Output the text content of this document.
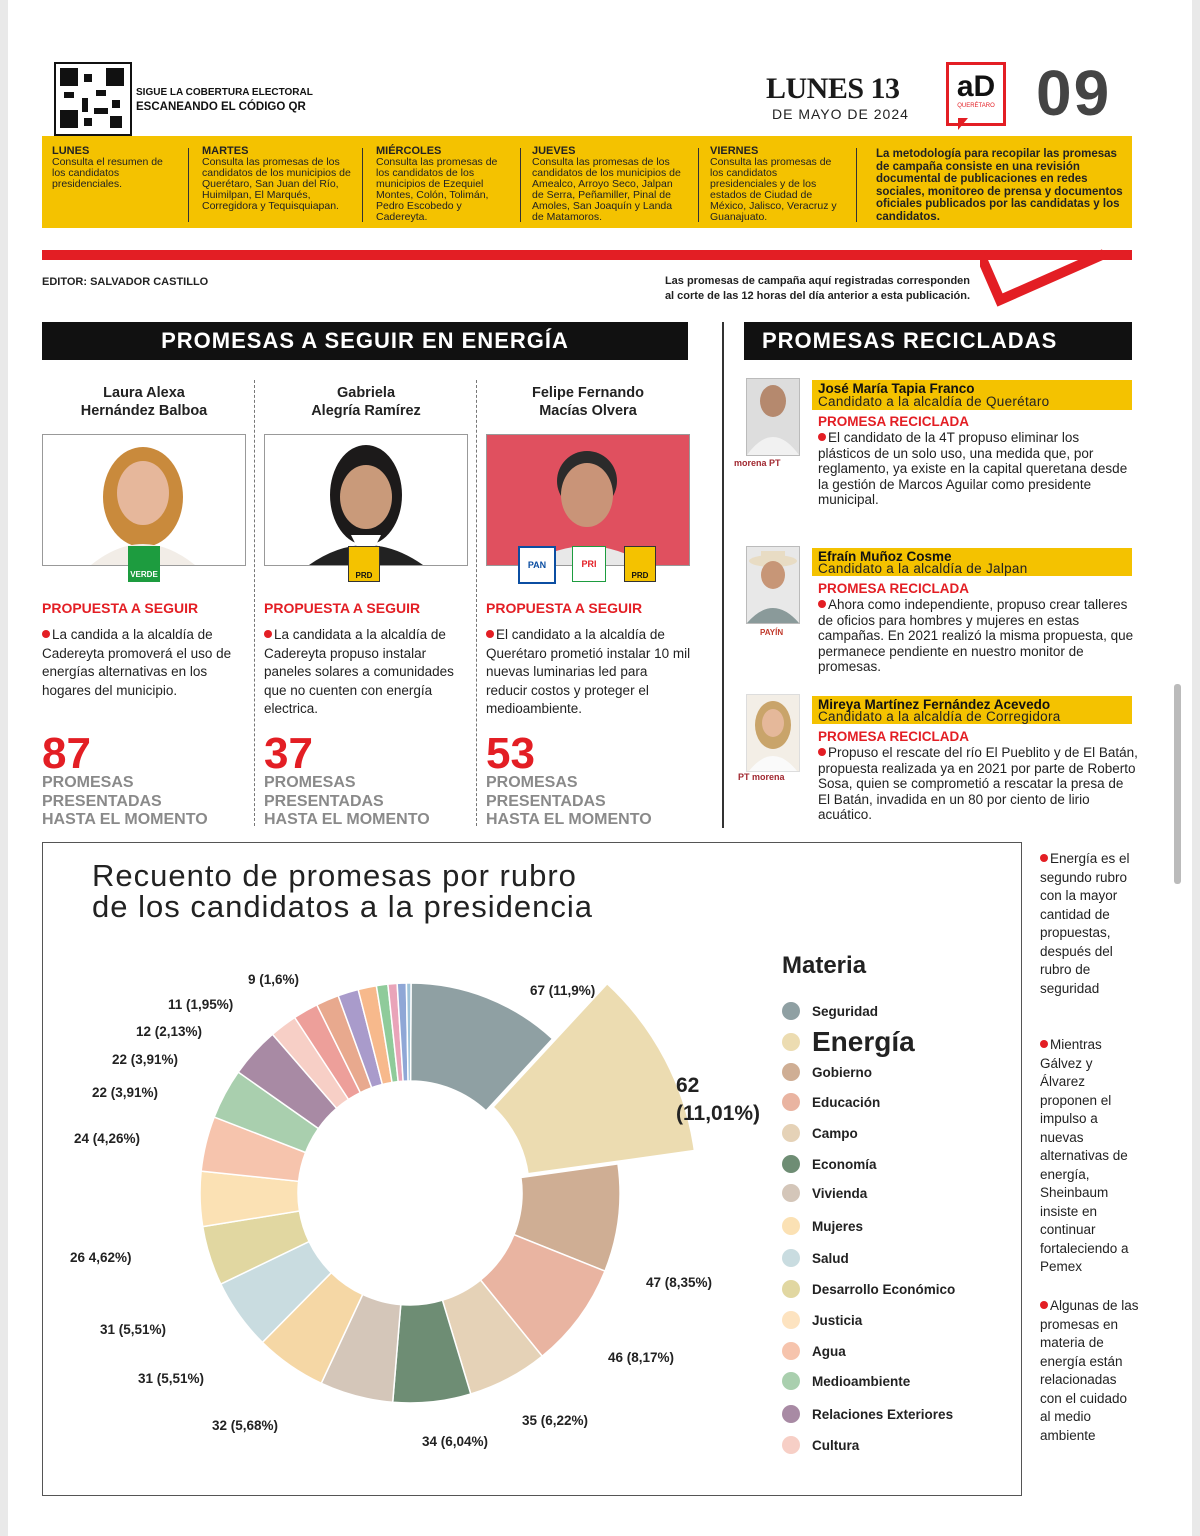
SIGUE LA COBERTURA ELECTORAL
ESCANEANDO EL CÓDIGO QR
LUNES 13
DE MAYO DE 2024
aD
QUERÉTARO 09
LUNES
Consulta el resumen de los candidatos presidenciales.
MARTES
Consulta las promesas de los candidatos de los municipios de Querétaro, San Juan del Río, Huimilpan, El Marqués, Corregidora y Tequisquiapan.
MIÉRCOLES
Consulta las promesas de los candidatos de los municipios de Ezequiel Montes, Colón, Tolimán, Pedro Escobedo y Cadereyta.
JUEVES
Consulta las promesas de los candidatos de los municipios de Amealco, Arroyo Seco, Jalpan de Serra, Peñamiller, Pinal de Amoles, San Joaquín y Landa de Matamoros.
VIERNES
Consulta las promesas de los candidatos presidenciales y de los estados de Ciudad de México, Jalisco, Veracruz y Guanajuato.
La metodología para recopilar las promesas de campaña consiste en una revisión documental de publicaciones en redes sociales, monitoreo de prensa y documentos oficiales publicados por las candidatas y los candidatos.
EDITOR: SALVADOR CASTILLO	Las promesas de campaña aquí registradas corresponden
al corte de las 12 horas del día anterior a esta publicación.
PROMESAS A SEGUIR EN ENERGÍA
Laura Alexa
Hernández Balboa
VERDE
PROPUESTA A SEGUIR
La candida a la alcaldía de Cadereyta promoverá el uso de energías alternativas en los hogares del municipio.
87
PROMESAS
PRESENTADAS
HASTA EL MOMENTO
Gabriela
Alegría Ramírez
PRD
PROPUESTA A SEGUIR
La candidata a la alcaldía de Cadereyta propuso instalar paneles solares a comunidades que no cuenten con energía electrica.
37
PROMESAS
PRESENTADAS
HASTA EL MOMENTO
Felipe Fernando
Macías Olvera
PAN	PRI
PRD
PROPUESTA A SEGUIR
El candidato a la alcaldía de Querétaro prometió instalar 10 mil nuevas luminarias led para reducir costos y proteger el medioambiente.
53
PROMESAS
PRESENTADAS
HASTA EL MOMENTO
PROMESAS RECICLADAS
morena PT
José María Tapia Franco
Candidato a la alcaldía de Querétaro
PROMESA RECICLADA
El candidato de la 4T propuso eliminar los plásticos de un solo uso, una medida que, por reglamento, ya existe en la capital queretana desde la gestión de Marcos Aguilar como presidente municipal.
PAYÍN
Efraín Muñoz Cosme
Candidato a la alcaldía de Jalpan
PROMESA RECICLADA
Ahora como independiente, propuso crear talleres de oficios para hombres y mujeres en estas campañas. En 2021 realizó la misma propuesta, que permanece pendiente en nuestro monitor de promesas.
PT morena
Mireya Martínez Fernández Acevedo
Candidato a la alcaldía de Corregidora
PROMESA RECICLADA
Propuso el rescate del río El Pueblito y de El Batán, propuesta realizada ya en 2021 por parte de Roberto Sosa, quien se comprometió a rescatar la presa de El Batán, invadida en un 80 por ciento de lirio acuático.
Recuento de promesas por rubro
de los candidatos a la presidencia
67 (11,9%)
62
(11,01%)
47 (8,35%)
46 (8,17%)
35 (6,22%)
34 (6,04%)
32 (5,68%)
31 (5,51%)
31 (5,51%)
26 4,62%)
24 (4,26%)
22 (3,91%)
22 (3,91%)
12 (2,13%)
11 (1,95%)
9 (1,6%)
Materia
Seguridad
Energía
Gobierno
Educación
Campo
Economía
Vivienda
Mujeres
Salud
Desarrollo Económico
Justicia
Agua
Medioambiente
Relaciones Exteriores
Cultura
Energía es el segundo rubro con la mayor cantidad de propuestas, después del rubro de seguridad
Mientras Gálvez y Álvarez proponen el impulso a nuevas alternativas de energía, Sheinbaum insiste en continuar fortaleciendo a Pemex
Algunas de las promesas en materia de energía están relacionadas con el cuidado al medio ambiente
